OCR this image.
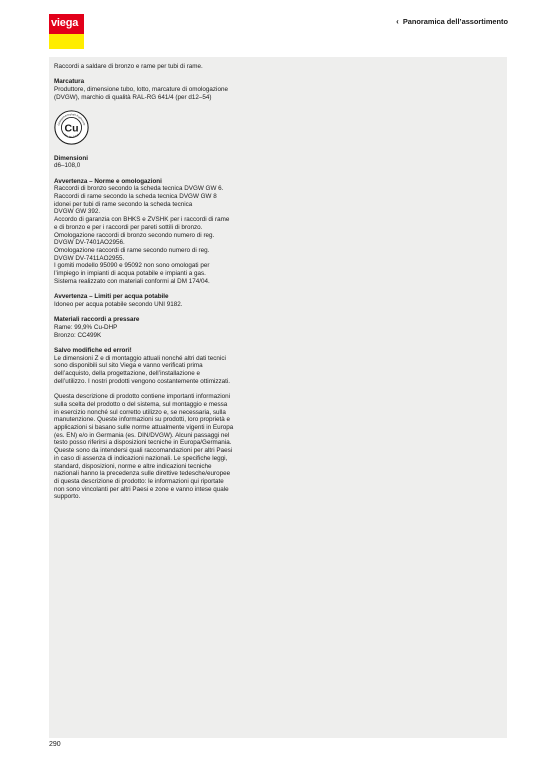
viega	‹ Panoramica dell’assortimento

Raccordi a saldare di bronzo e rame per tubi di rame.

Marcatura

Produttore, dimensione tubo, lotto, marcature di omologazione

(DVGW), marchio di qualità RAL-RG 641/4 (per d12–54)

Gütegemeinschaft Kupferrohr
RAL RG 641/4
Cu

Dimensioni

d6–108,0

Avvertenza – Norme e omologazioni

Raccordi di bronzo secondo la scheda tecnica DVGW GW 6.

Raccordi di rame secondo la scheda tecnica DVGW GW 8

idonei per tubi di rame secondo la scheda tecnica

DVGW GW 392.

Accordo di garanzia con BHKS e ZVSHK per i raccordi di rame

e di bronzo e per i raccordi per pareti sottili di bronzo.

Omologazione raccordi di bronzo secondo numero di reg.

DVGW DV-7401AO2956.

Omologazione raccordi di rame secondo numero di reg.

DVGW DV-7411AO2955.

I gomiti modello 95090 e 95092 non sono omologati per

l’impiego in impianti di acqua potabile e impianti a gas.

Sistema realizzato con materiali conformi al DM 174/04.

Avvertenza – Limiti per acqua potabile

Idoneo per acqua potabile secondo UNI 9182.

Materiali raccordi a pressare

Rame: 99,9% Cu-DHP

Bronzo: CC499K

Salvo modifiche ed errori!

Le dimensioni Z e di montaggio attuali nonché altri dati tecnici

sono disponibili sul sito Viega e vanno verificati prima

dell’acquisto, della progettazione, dell’installazione e

dell’utilizzo. I nostri prodotti vengono costantemente ottimizzati.

Questa descrizione di prodotto contiene importanti informazioni

sulla scelta del prodotto o del sistema, sul montaggio e messa

in esercizio nonché sul corretto utilizzo e, se necessaria, sulla

manutenzione. Queste informazioni su prodotti, loro proprietà e

applicazioni si basano sulle norme attualmente vigenti in Europa

(es. EN) e/o in Germania (es. DIN/DVGW). Alcuni passaggi nel

testo posso riferirsi a disposizioni tecniche in Europa/Germania.

Queste sono da intendersi quali raccomandazioni per altri Paesi

in caso di assenza di indicazioni nazionali. Le specifiche leggi,

standard, disposizioni, norme e altre indicazioni tecniche

nazionali hanno la precedenza sulle direttive tedesche/europee

di questa descrizione di prodotto: le informazioni qui riportate

non sono vincolanti per altri Paesi e zone e vanno intese quale

supporto.

290
